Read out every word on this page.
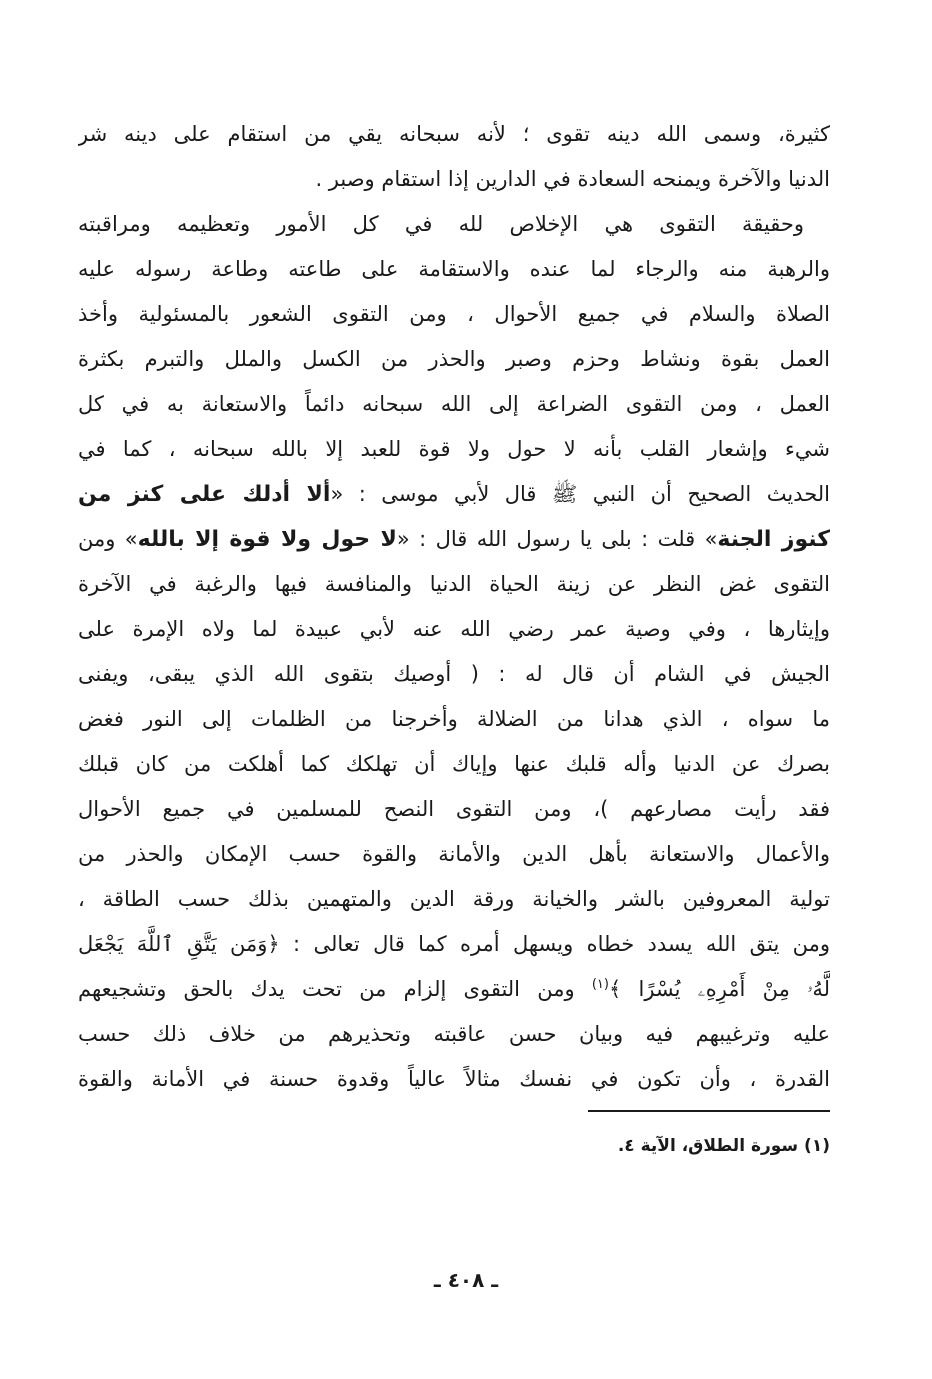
كثيرة، وسمى الله دينه تقوى ؛ لأنه سبحانه يقي من استقام على دينه شر
الدنيا والآخرة ويمنحه السعادة في الدارين إذا استقام وصبر .
وحقيقة التقوى هي الإخلاص لله في كل الأمور وتعظيمه ومراقبته
والرهبة منه والرجاء لما عنده والاستقامة على طاعته وطاعة رسوله عليه
الصلاة والسلام في جميع الأحوال ، ومن التقوى الشعور بالمسئولية وأخذ
العمل بقوة ونشاط وحزم وصبر والحذر من الكسل والملل والتبرم بكثرة
العمل ، ومن التقوى الضراعة إلى الله سبحانه دائماً والاستعانة به في كل
شيء وإشعار القلب بأنه لا حول ولا قوة للعبد إلا بالله سبحانه ، كما في
الحديث الصحيح أن النبي ﷺ قال لأبي موسى : «ألا أدلك على كنز من
كنوز الجنة» قلت : بلى يا رسول الله قال : «لا حول ولا قوة إلا بالله» ومن
التقوى غض النظر عن زينة الحياة الدنيا والمنافسة فيها والرغبة في الآخرة
وإيثارها ، وفي وصية عمر رضي الله عنه لأبي عبيدة لما ولاه الإمرة على
الجيش في الشام أن قال له : ( أوصيك بتقوى الله الذي يبقى، ويفنى
ما سواه ، الذي هدانا من الضلالة وأخرجنا من الظلمات إلى النور فغض
بصرك عن الدنيا وأله قلبك عنها وإياك أن تهلكك كما أهلكت من كان قبلك
فقد رأيت مصارعهم )، ومن التقوى النصح للمسلمين في جميع الأحوال
والأعمال والاستعانة بأهل الدين والأمانة والقوة حسب الإمكان والحذر من
تولية المعروفين بالشر والخيانة ورقة الدين والمتهمين بذلك حسب الطاقة ،
ومن يتق الله يسدد خطاه ويسهل أمره كما قال تعالى : ﴿وَمَن يَتَّقِ ٱللَّهَ يَجْعَل
لَّهُۥ مِنْ أَمْرِهِۦ يُسْرًا ﴾$^{(١)}$ ومن التقوى إلزام من تحت يدك بالحق وتشجيعهم
عليه وترغيبهم فيه وبيان حسن عاقبته وتحذيرهم من خلاف ذلك حسب
القدرة ، وأن تكون في نفسك مثالاً عالياً وقدوة حسنة في الأمانة والقوة
(١) سورة الطلاق، الآية ٤.
ـ ٤٠٨ ـ
